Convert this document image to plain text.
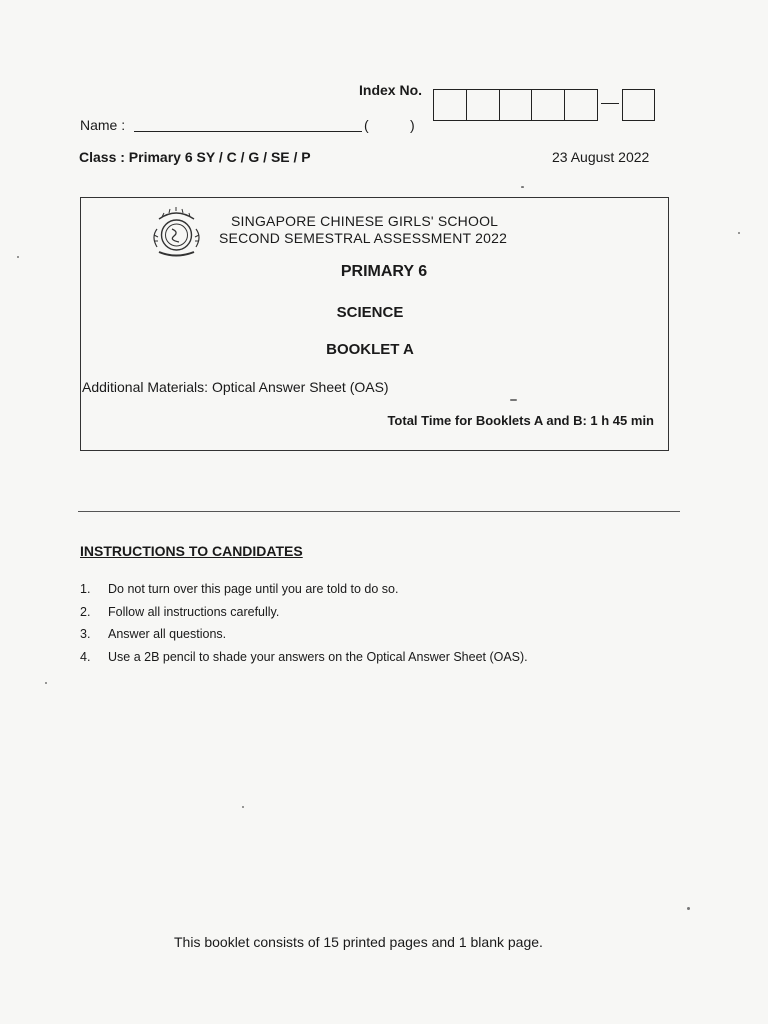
Index No.
Name :	(	)
Class : Primary 6 SY / C / G / SE / P	23 August 2022
SINGAPORE CHINESE GIRLS' SCHOOL
SECOND SEMESTRAL ASSESSMENT 2022
PRIMARY 6
SCIENCE
BOOKLET A
Additional Materials: Optical Answer Sheet (OAS)
Total Time for Booklets A and B: 1 h 45 min
INSTRUCTIONS TO CANDIDATES
1.	Do not turn over this page until you are told to do so.
2.	Follow all instructions carefully.
3.	Answer all questions.
4.	Use a 2B pencil to shade your answers on the Optical Answer Sheet (OAS).
This booklet consists of 15 printed pages and 1 blank page.
